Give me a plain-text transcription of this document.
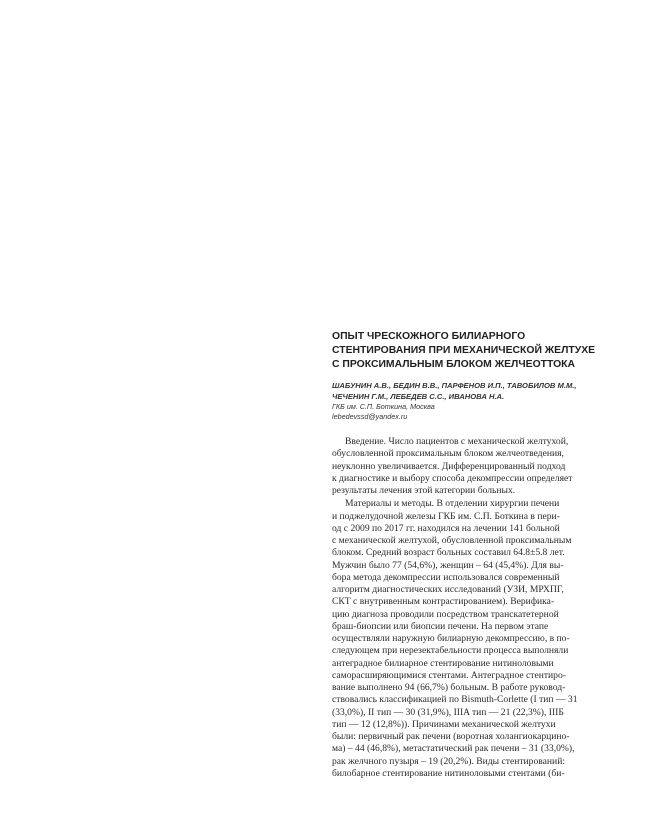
ОПЫТ ЧРЕСКОЖНОГО БИЛИАРНОГО
СТЕНТИРОВАНИЯ ПРИ МЕХАНИЧЕСКОЙ ЖЕЛТУХЕ
С ПРОКСИМАЛЬНЫМ БЛОКОМ ЖЕЛЧЕОТТОКА
ШАБУНИН А.В., БЕДИН В.В., ПАРФЕНОВ И.П., ТАВОБИЛОВ М.М.,
ЧЕЧЕНИН Г.М., ЛЕБЕДЕВ С.С., ИВАНОВА Н.А.
ГКБ им. С.П. Боткина, Москва
lebedevssd@yandex.ru
Введение. Число пациентов с механической желтухой,
обусловленной проксимальным блоком желчеотведения,
неуклонно увеличивается. Дифференцированный подход
к диагностике и выбору способа декомпрессии определяет
результаты лечения этой категории больных.
Материалы и методы. В отделении хирургии печени
и поджелудочной железы ГКБ им. С.П. Боткина в пери-
од с 2009 по 2017 гг. находился на лечении 141 больной
с механической желтухой, обусловленной проксимальным
блоком. Средний возраст больных составил 64.8±5.8 лет.
Мужчин было 77 (54,6%), женщин – 64 (45,4%). Для вы-
бора метода декомпрессии использовался современный
алгоритм диагностических исследований (УЗИ, МРХПГ,
СКТ с внутривенным контрастированием). Верифика-
цию диагноза проводили посредством транскатетерной
браш-биопсии или биопсии печени. На первом этапе
осуществляли наружную билиарную декомпрессию, в по-
следующем при нерезектабельности процесса выполняли
антеградное билиарное стентирование нитиноловыми
саморасширяющимися стентами. Антеградное стентиро-
вание выполнено 94 (66,7%) больным. В работе руковод-
ствовались классификацией по Bismuth-Corlette (I тип — 31
(33,0%), II тип — 30 (31,9%), IIIA тип — 21 (22,3%), IIIБ
тип — 12 (12,8%)). Причинами механической желтухи
были: первичный рак печени (воротная холангиокарцино-
ма) – 44 (46,8%), метастатический рак печени – 31 (33,0%),
рак желчного пузыря – 19 (20,2%). Виды стентирований:
билобарное стентирование нитиноловыми стентами (би-
